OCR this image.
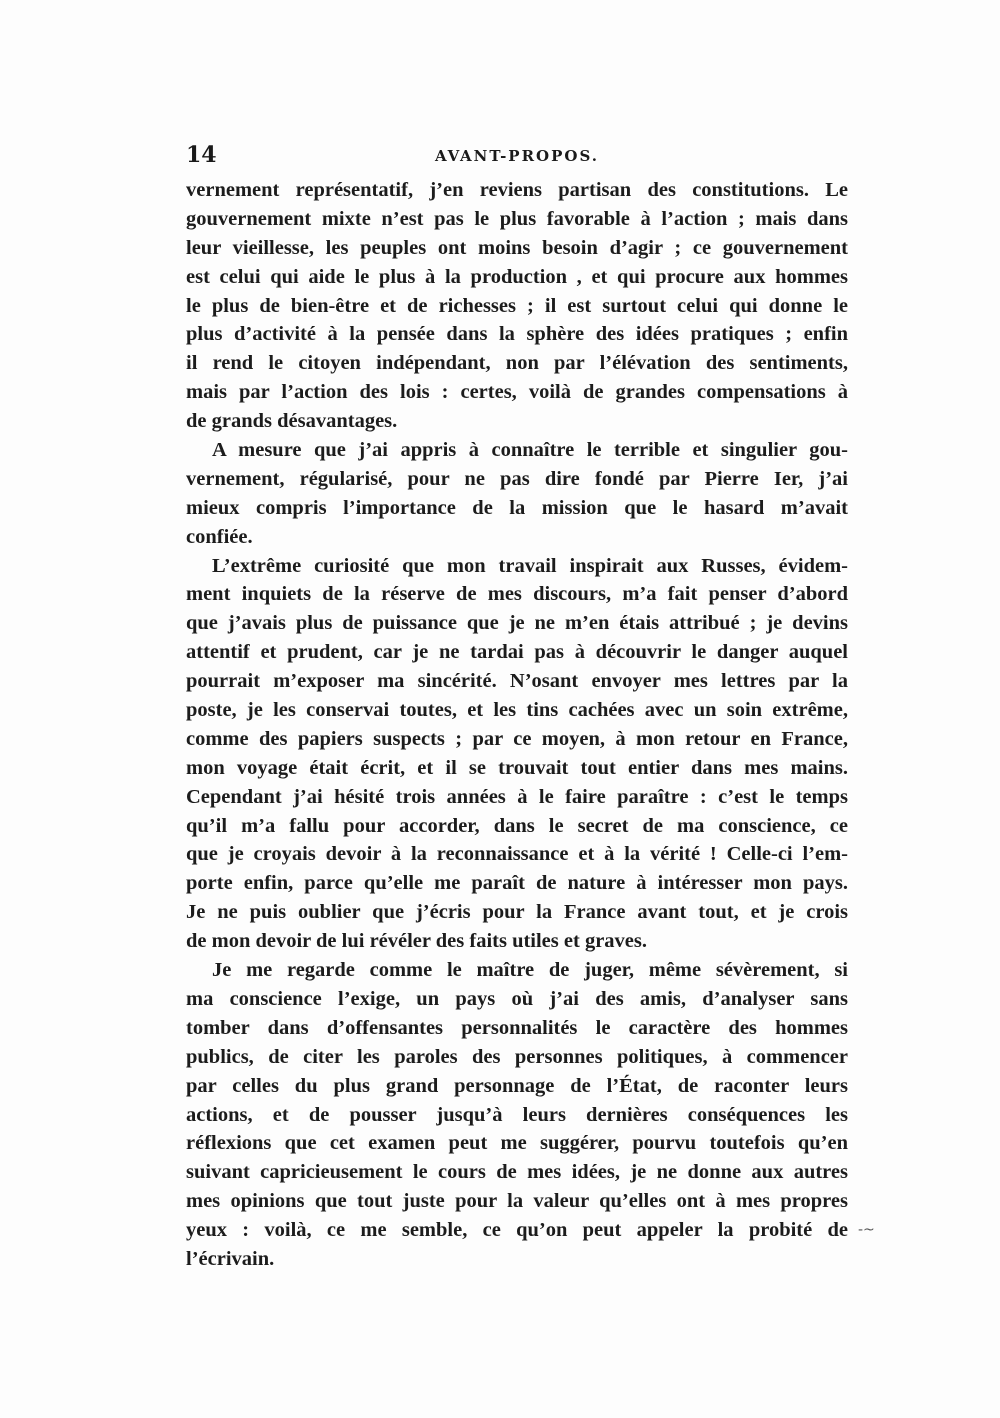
14	AVANT-PROPOS.
vernement représentatif, j’en reviens partisan des constitutions. Le
gouvernement mixte n’est pas le plus favorable à l’action ; mais dans
leur vieillesse, les peuples ont moins besoin d’agir ; ce gouvernement
est celui qui aide le plus à la production , et qui procure aux hommes
le plus de bien-être et de richesses ; il est surtout celui qui donne le
plus d’activité à la pensée dans la sphère des idées pratiques ; enfin
il rend le citoyen indépendant, non par l’élévation des sentiments,
mais par l’action des lois : certes, voilà de grandes compensations à
de grands désavantages.
A mesure que j’ai appris à connaître le terrible et singulier gou-
vernement, régularisé, pour ne pas dire fondé par Pierre Ier, j’ai
mieux compris l’importance de la mission que le hasard m’avait
confiée.
L’extrême curiosité que mon travail inspirait aux Russes, évidem-
ment inquiets de la réserve de mes discours, m’a fait penser d’abord
que j’avais plus de puissance que je ne m’en étais attribué ; je devins
attentif et prudent, car je ne tardai pas à découvrir le danger auquel
pourrait m’exposer ma sincérité. N’osant envoyer mes lettres par la
poste, je les conservai toutes, et les tins cachées avec un soin extrême,
comme des papiers suspects ; par ce moyen, à mon retour en France,
mon voyage était écrit, et il se trouvait tout entier dans mes mains.
Cependant j’ai hésité trois années à le faire paraître : c’est le temps
qu’il m’a fallu pour accorder, dans le secret de ma conscience, ce
que je croyais devoir à la reconnaissance et à la vérité ! Celle-ci l’em-
porte enfin, parce qu’elle me paraît de nature à intéresser mon pays.
Je ne puis oublier que j’écris pour la France avant tout, et je crois
de mon devoir de lui révéler des faits utiles et graves.
Je me regarde comme le maître de juger, même sévèrement, si
ma conscience l’exige, un pays où j’ai des amis, d’analyser sans
tomber dans d’offensantes personnalités le caractère des hommes
publics, de citer les paroles des personnes politiques, à commencer
par celles du plus grand personnage de l’État, de raconter leurs
actions, et de pousser jusqu’à leurs dernières conséquences les
réflexions que cet examen peut me suggérer, pourvu toutefois qu’en
suivant capricieusement le cours de mes idées, je ne donne aux autres
mes opinions que tout juste pour la valeur qu’elles ont à mes propres
yeux : voilà, ce me semble, ce qu’on peut appeler la probité de
l’écrivain.
-~
